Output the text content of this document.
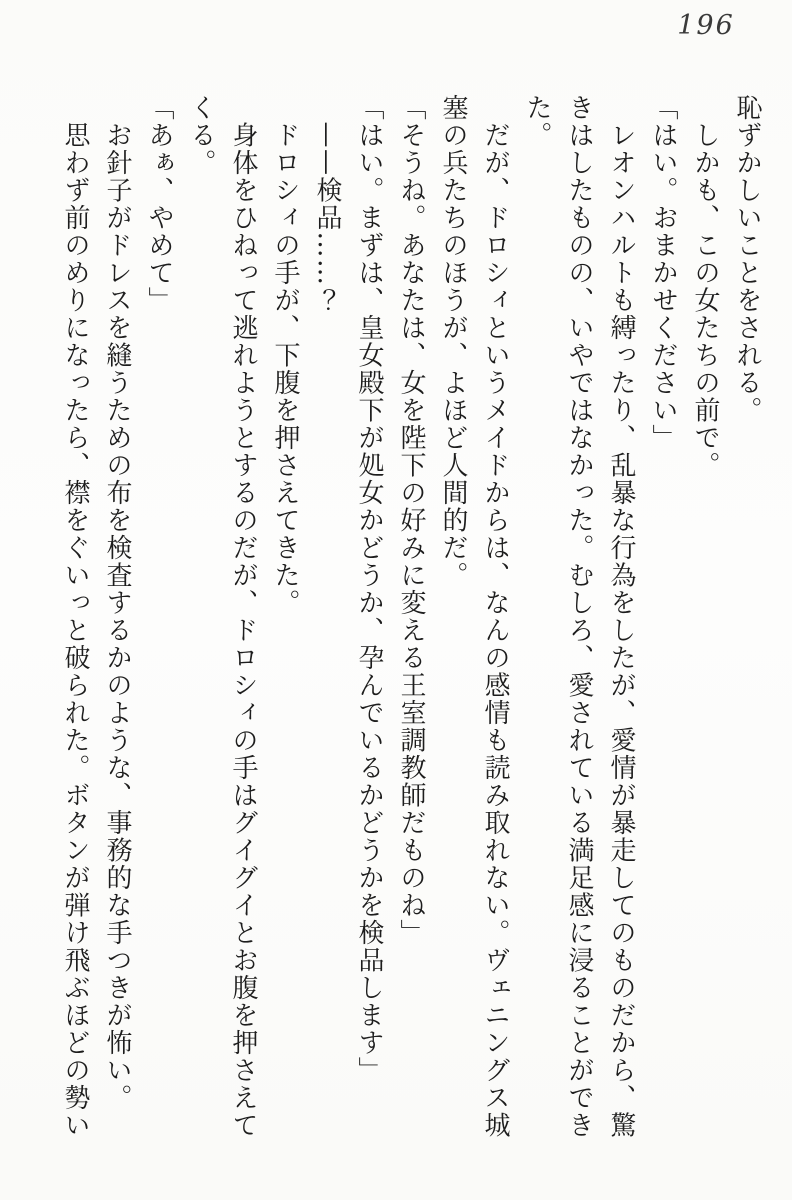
196
恥ずかしいことをされる。
　しかも、この女たちの前で。
「はい。おまかせください」
　レオンハルトも縛ったり、乱暴な行為をしたが、愛情が暴走してのものだから、驚
きはしたものの、いやではなかった。むしろ、愛されている満足感に浸ることができ
た。
　だが、ドロシィというメイドからは、なんの感情も読み取れない。ヴェニングス城
塞の兵たちのほうが、よほど人間的だ。
「そうね。あなたは、女を陛下の好みに変える王室調教師だものね」
「はい。まずは、皇女殿下が処女かどうか、孕んでいるかどうかを検品します」
　——検品……？
　ドロシィの手が、下腹を押さえてきた。
　身体をひねって逃れようとするのだが、ドロシィの手はグイグイとお腹を押さえて
くる。
「あぁ、やめて」
　お針子がドレスを縫うための布を検査するかのような、事務的な手つきが怖い。
　思わず前のめりになったら、襟をぐいっと破られた。ボタンが弾け飛ぶほどの勢い
